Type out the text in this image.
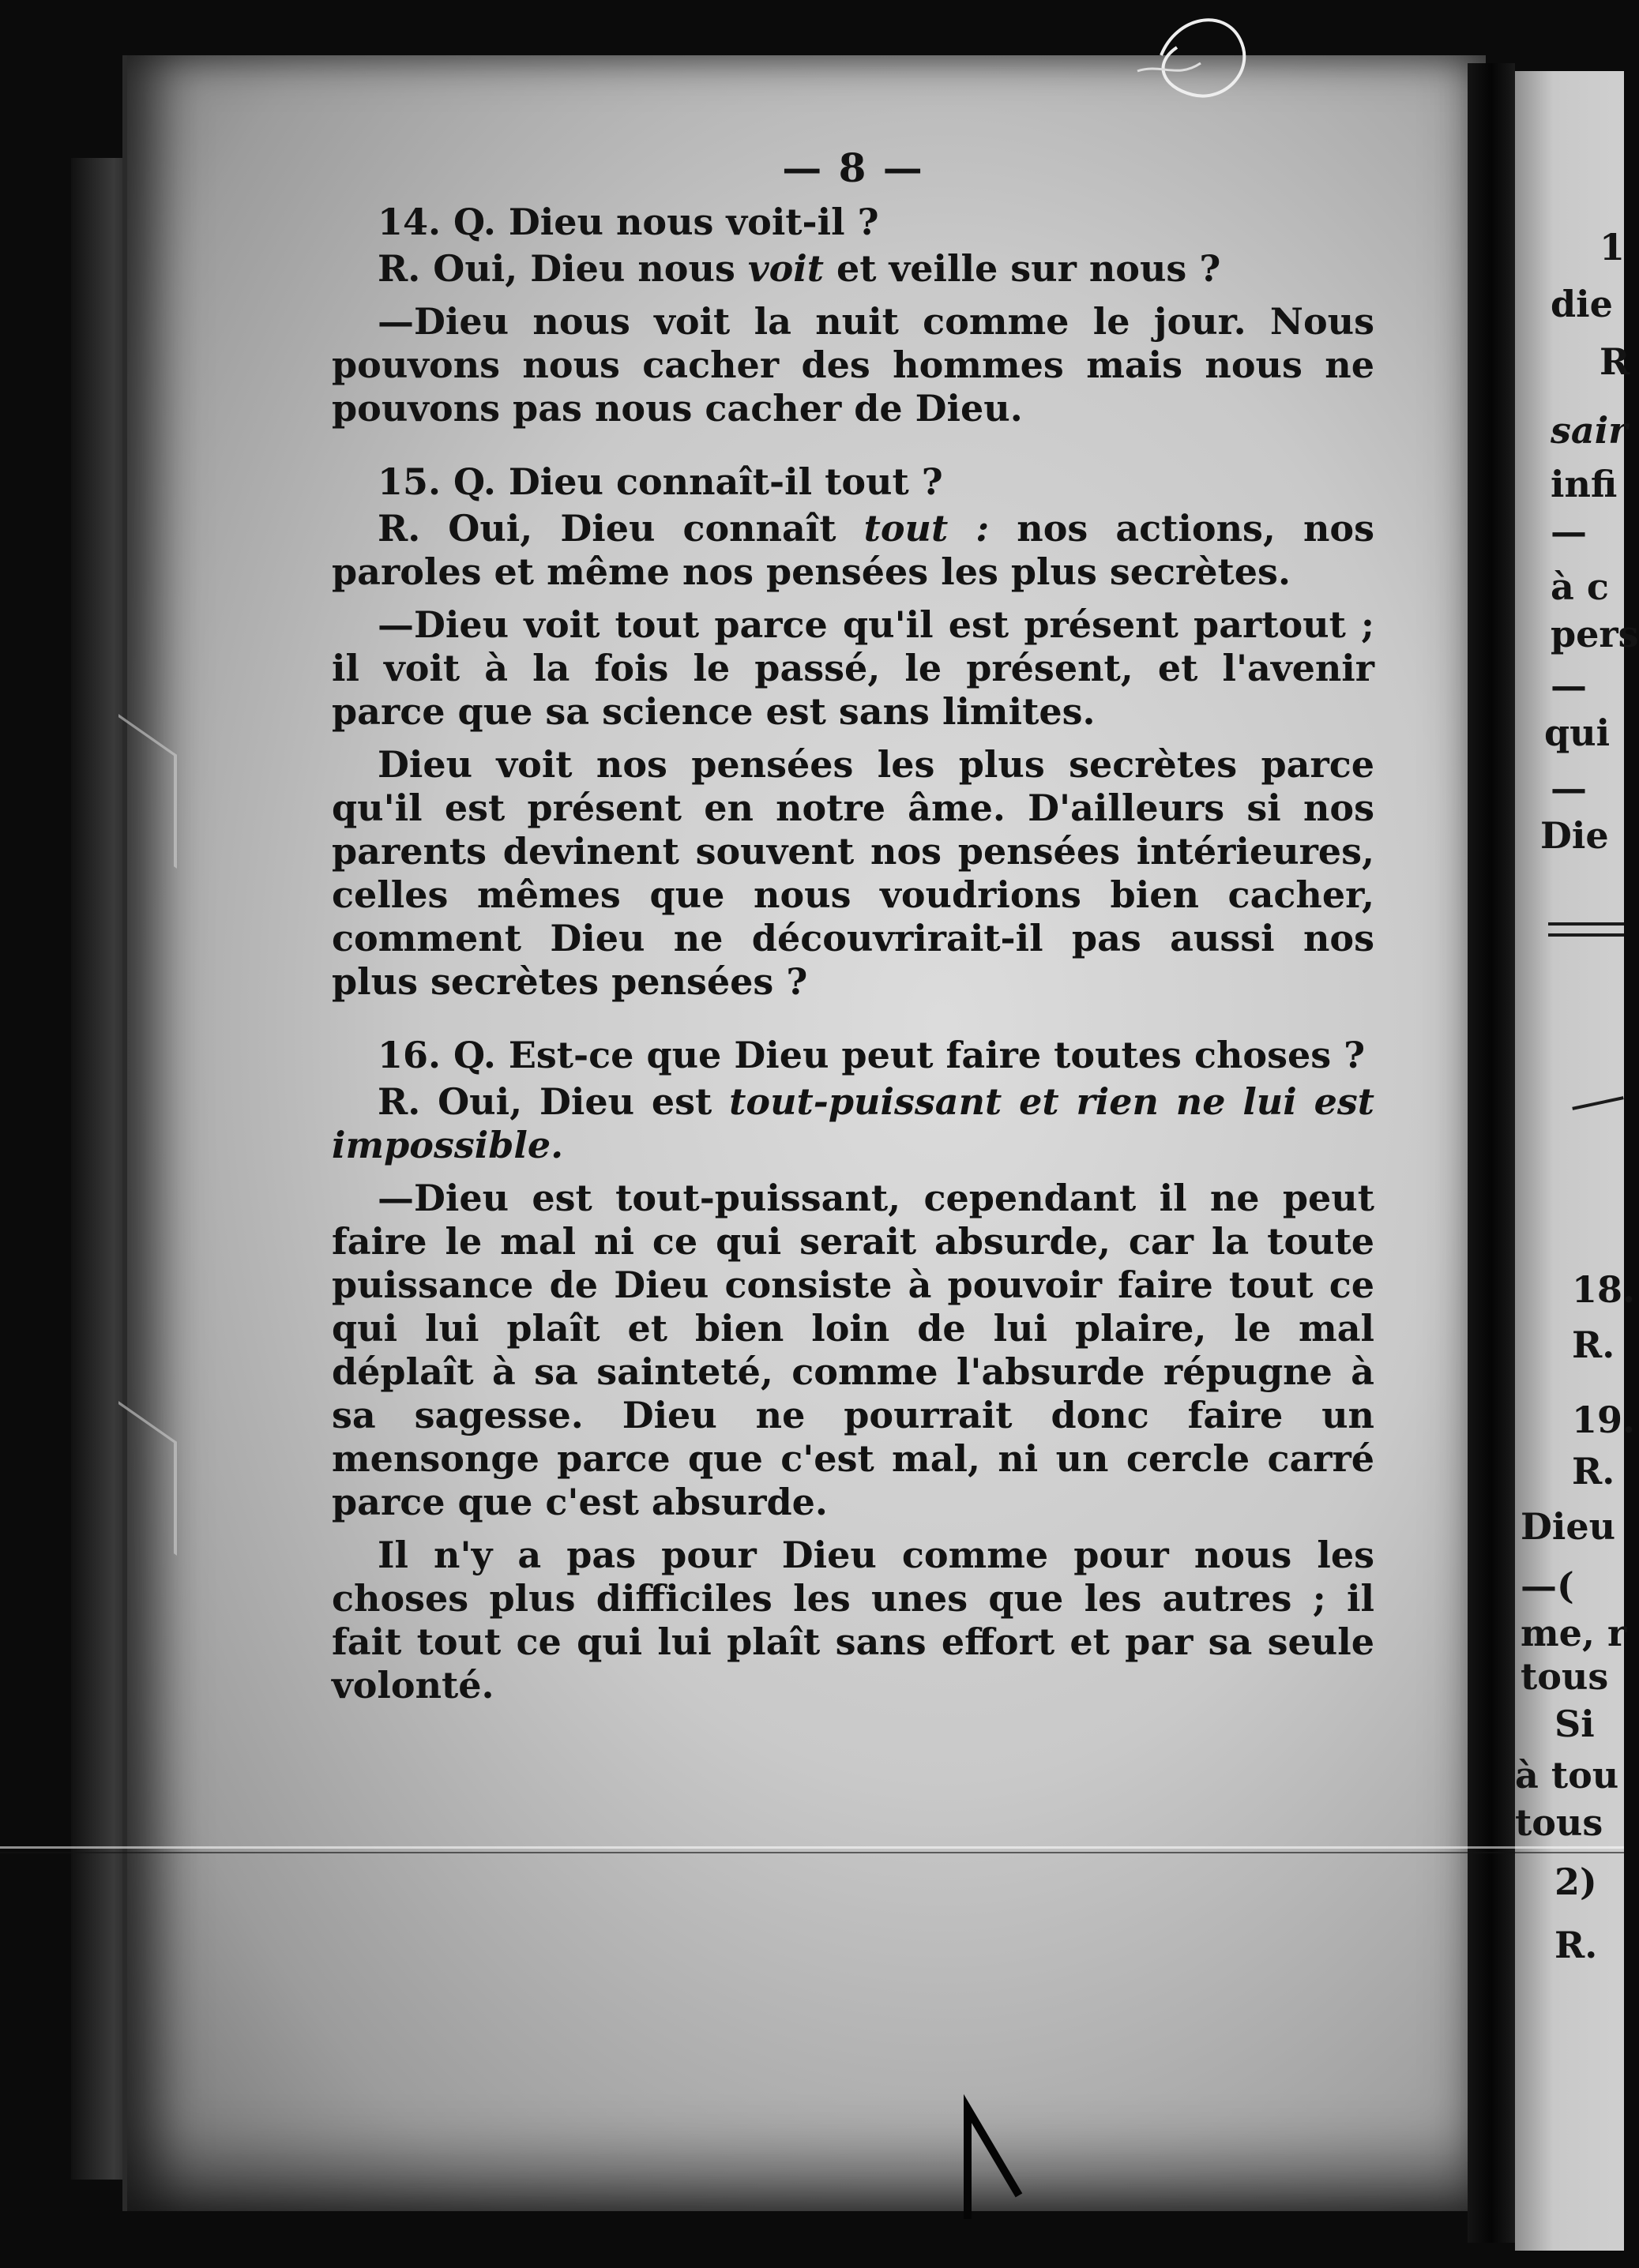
1
die
R
sair
infi
—
à c
pers
—
qui
—
Die
18.
R.
19.
R.
Dieu
—(
me, r
tous
Si
à tou
tous
2)
R.
— 8 —
14. Q. Dieu nous voit-il ?
R. Oui, Dieu nous voit et veille sur nous ?
—Dieu nous voit la nuit comme le jour. Nous pouvons nous cacher des hommes mais nous ne pouvons pas nous cacher de Dieu.
15. Q. Dieu connaît-il tout ?
R. Oui, Dieu connaît tout : nos actions, nos paroles et même nos pensées les plus secrètes.
—Dieu voit tout parce qu'il est présent partout ; il voit à la fois le passé, le présent, et l'avenir parce que sa science est sans limites.
Dieu voit nos pensées les plus secrètes parce qu'il est présent en notre âme. D'ailleurs si nos parents devinent souvent nos pensées intérieures, celles mêmes que nous voudrions bien cacher, comment Dieu ne découvrirait-il pas aussi nos plus secrètes pensées ?
16. Q. Est-ce que Dieu peut faire toutes choses ?
R. Oui, Dieu est tout-puissant et rien ne lui est impossible.
—Dieu est tout-puissant, cependant il ne peut faire le mal ni ce qui serait absurde, car la toute puissance de Dieu consiste à pouvoir faire tout ce qui lui plaît et bien loin de lui plaire, le mal déplaît à sa sainteté, comme l'absurde répugne à sa sagesse. Dieu ne pourrait donc faire un mensonge parce que c'est mal, ni un cercle carré parce que c'est absurde.
Il n'y a pas pour Dieu comme pour nous les choses plus difficiles les unes que les autres ; il fait tout ce qui lui plaît sans effort et par sa seule volonté.
